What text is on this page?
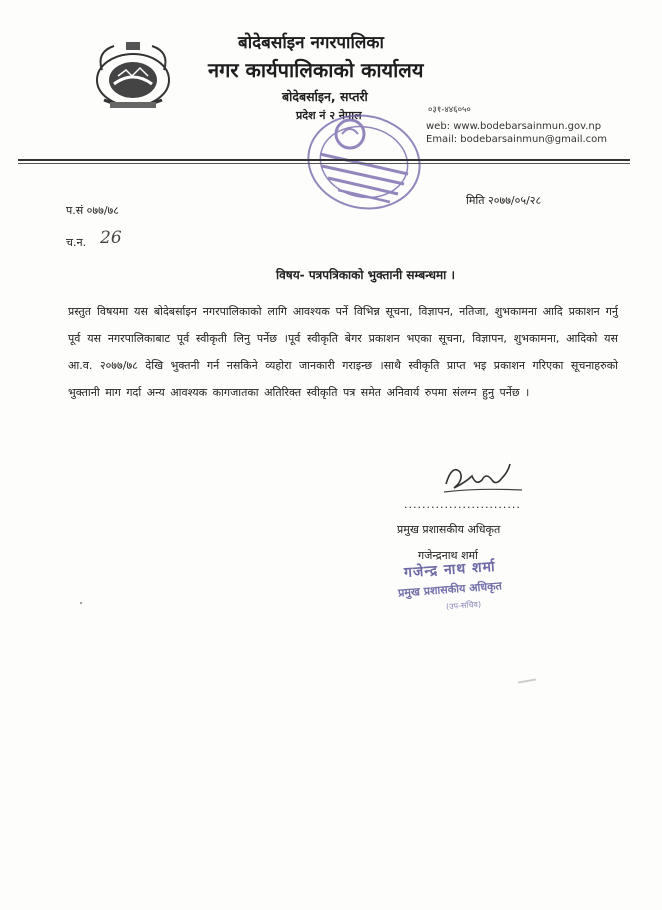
बोदेबर्साइन नगरपालिका
नगर कार्यपालिकाको कार्यालय
बोदेबर्साइन, सप्तरी
प्रदेश नं २ नेपाल	०३१-४४६०५०
web: www.bodebarsainmun.gov.np
Email: bodebarsainmun@gmail.com
प.सं ०७७/७८
च.न. 26
मिति २०७७/०५/२८
विषय- पत्रपत्रिकाको भुक्तानी सम्बन्धमा ।
प्रस्तुत विषयमा यस बोदेबर्साइन नगरपालिकाको लागि आवश्यक पर्ने विभिन्न सूचना, विज्ञापन, नतिजा, शुभकामना आदि प्रकाशन गर्नु पूर्व यस नगरपालिकाबाट पूर्व स्वीकृती लिनु पर्नेछ ।पूर्व स्वीकृति बेगर प्रकाशन भएका सूचना, विज्ञापन, शुभकामना, आदिको यस आ.व. २०७७/७८ देखि भुक्तनी गर्न नसकिने व्यहोरा जानकारी गराइन्छ ।साथै स्वीकृति प्राप्त भइ प्रकाशन गरिएका सूचनाहरुको भुक्तानी माग गर्दा अन्य आवश्यक कागजातका अतिरिक्त स्वीकृति पत्र समेत अनिवार्य रुपमा संलग्न हुनु पर्नेछ ।
..........................
प्रमुख प्रशासकीय अधिकृत
गजेन्द्रनाथ शर्मा
गजेन्द्र नाथ शर्मा
प्रमुख प्रशासकीय अधिकृत
(उप-सचिव)
